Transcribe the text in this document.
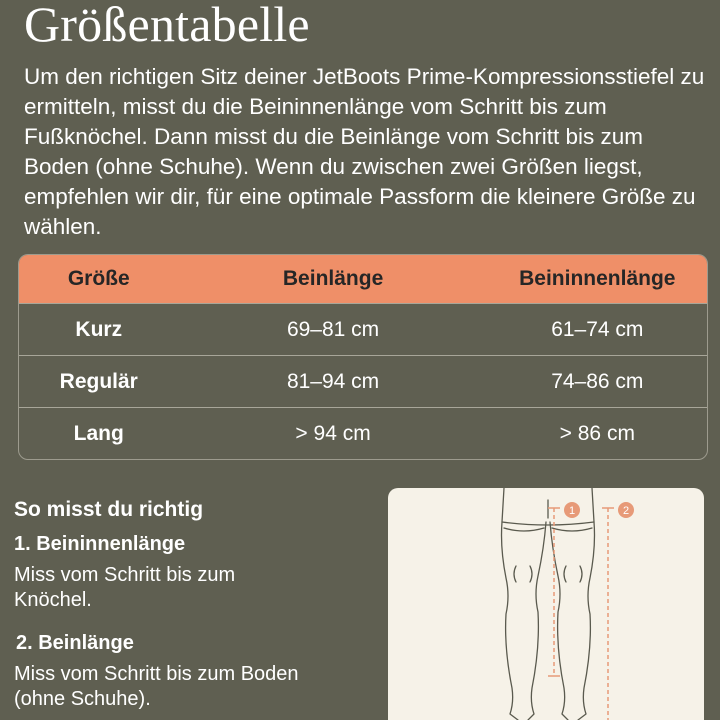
Größentabelle

Um den richtigen Sitz deiner JetBoots Prime-Kompressionsstiefel zu ermitteln, misst du die Beininnenlänge vom Schritt bis zum Fußknöchel. Dann misst du die Beinlänge vom Schritt bis zum Boden (ohne Schuhe). Wenn du zwischen zwei Größen liegst, empfehlen wir dir, für eine optimale Passform die kleinere Größe zu wählen.

Größe	Beinlänge	Beininnenlänge
Kurz	69–81 cm	61–74 cm
Regulär	81–94 cm	74–86 cm
Lang	> 94 cm	> 86 cm
So misst du richtig

1. Beininnenlänge

Miss vom Schritt bis zum Knöchel.

2. Beinlänge

Miss vom Schritt bis zum Boden (ohne Schuhe).

1	2
